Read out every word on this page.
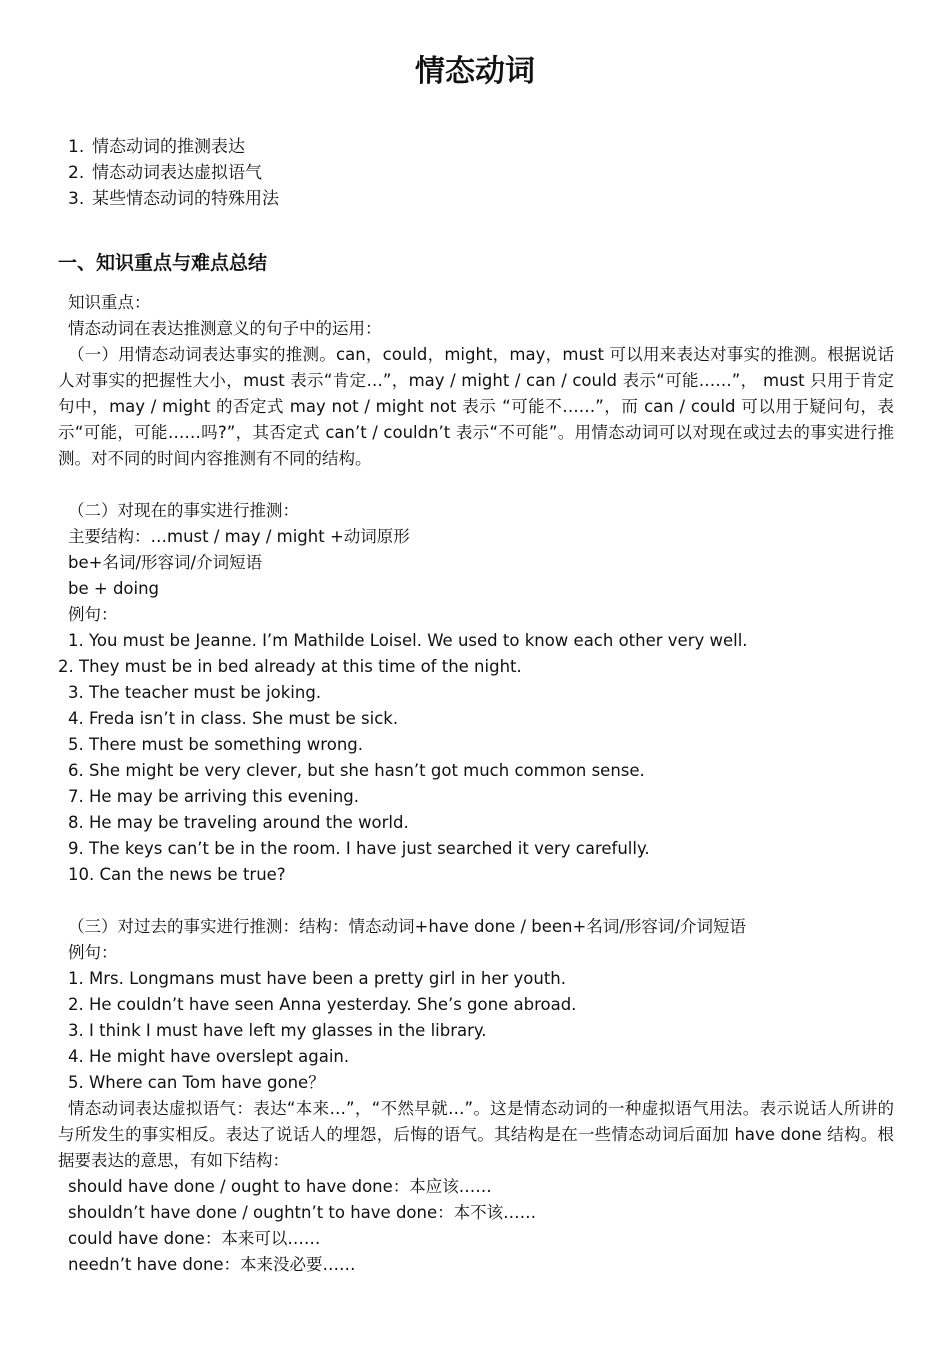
情态动词
1. 情态动词的推测表达
2. 情态动词表达虚拟语气
3. 某些情态动词的特殊用法
一、知识重点与难点总结
知识重点：
情态动词在表达推测意义的句子中的运用：
（一）用情态动词表达事实的推测。can，could，might，may，must 可以用来表达对事实的推测。根据说话人对事实的把握性大小，must 表示“肯定…”，may / might / can / could 表示“可能……”， must 只用于肯定句中，may / might 的否定式 may not / might not 表示 “可能不……”，而 can / could 可以用于疑问句，表示“可能，可能……吗?”，其否定式 can’t / couldn’t 表示“不可能”。用情态动词可以对现在或过去的事实进行推测。对不同的时间内容推测有不同的结构。
（二）对现在的事实进行推测：
主要结构：…must / may / might +动词原形
be+名词/形容词/介词短语
be + doing
例句：
1. You must be Jeanne. I’m Mathilde Loisel. We used to know each other very well.
2. They must be in bed already at this time of the night.
3. The teacher must be joking.
4. Freda isn’t in class. She must be sick.
5. There must be something wrong.
6. She might be very clever, but she hasn’t got much common sense.
7. He may be arriving this evening.
8. He may be traveling around the world.
9. The keys can’t be in the room. I have just searched it very carefully.
10. Can the news be true?
（三）对过去的事实进行推测：结构：情态动词+have done / been+名词/形容词/介词短语
例句：
1. Mrs. Longmans must have been a pretty girl in her youth.
2. He couldn’t have seen Anna yesterday. She’s gone abroad.
3. I think I must have left my glasses in the library.
4. He might have overslept again.
5. Where can Tom have gone？
情态动词表达虚拟语气：表达“本来…”，“不然早就…”。这是情态动词的一种虚拟语气用法。表示说话人所讲的与所发生的事实相反。表达了说话人的埋怨，后悔的语气。其结构是在一些情态动词后面加 have done 结构。根据要表达的意思，有如下结构：
should have done / ought to have done：本应该……
shouldn’t have done / oughtn’t to have done：本不该……
could have done：本来可以……
needn’t have done：本来没必要……
